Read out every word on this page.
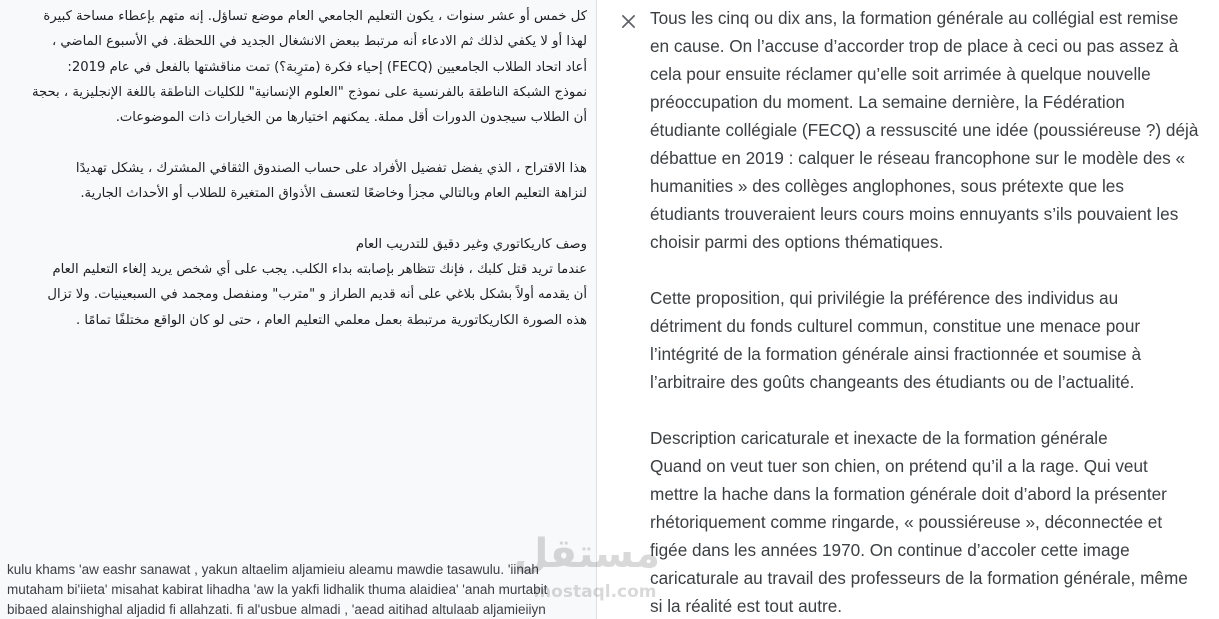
كل خمس أو عشر سنوات ، يكون التعليم الجامعي العام موضع تساؤل. إنه متهم بإعطاء مساحة كبيرة

لهذا أو لا يكفي لذلك ثم الادعاء أنه مرتبط ببعض الانشغال الجديد في اللحظة. في الأسبوع الماضي ،

أعاد اتحاد الطلاب الجامعيين (FECQ) إحياء فكرة (مترِبة؟) تمت مناقشتها بالفعل في عام 2019:

نموذج الشبكة الناطقة بالفرنسية على نموذج "العلوم الإنسانية" للكليات الناطقة باللغة الإنجليزية ، بحجة

أن الطلاب سيجدون الدورات أقل مملة. يمكنهم اختيارها من الخيارات ذات الموضوعات.

هذا الاقتراح ، الذي يفضل تفضيل الأفراد على حساب الصندوق الثقافي المشترك ، يشكل تهديدًا

لنزاهة التعليم العام وبالتالي مجزأ وخاضعًا لتعسف الأذواق المتغيرة للطلاب أو الأحداث الجارية.

وصف كاريكاتوري وغير دقيق للتدريب العام

عندما تريد قتل كلبك ، فإنك تتظاهر بإصابته بداء الكلب. يجب على أي شخص يريد إلغاء التعليم العام

أن يقدمه أولاً بشكل بلاغي على أنه قديم الطراز و "مترب" ومنفصل ومجمد في السبعينيات. ولا تزال

هذه الصورة الكاريكاتورية مرتبطة بعمل معلمي التعليم العام ، حتى لو كان الواقع مختلفًا تمامًا .

kulu khams 'aw eashr sanawat , yakun altaelim aljamieiu aleamu mawdie tasawulu. 'iinah

mutaham bi'iieta' misahat kabirat lihadha 'aw la yakfi lidhalik thuma alaidiea' 'anah murtabit

bibaed alainshighal aljadid fi allahzati. fi al'usbue almadi , 'aead aitihad altulaab aljamieiiyn

Tous les cinq ou dix ans, la formation générale au collégial est remise

en cause. On l’accuse d’accorder trop de place à ceci ou pas assez à

cela pour ensuite réclamer qu’elle soit arrimée à quelque nouvelle

préoccupation du moment. La semaine dernière, la Fédération

étudiante collégiale (FECQ) a ressuscité une idée (poussiéreuse ?) déjà

débattue en 2019 : calquer le réseau francophone sur le modèle des «

humanities » des collèges anglophones, sous prétexte que les

étudiants trouveraient leurs cours moins ennuyants s’ils pouvaient les

choisir parmi des options thématiques.

Cette proposition, qui privilégie la préférence des individus au

détriment du fonds culturel commun, constitue une menace pour

l’intégrité de la formation générale ainsi fractionnée et soumise à

l’arbitraire des goûts changeants des étudiants ou de l’actualité.

Description caricaturale et inexacte de la formation générale

Quand on veut tuer son chien, on prétend qu’il a la rage. Qui veut

mettre la hache dans la formation générale doit d’abord la présenter

rhétoriquement comme ringarde, « poussiéreuse », déconnectée et

figée dans les années 1970. On continue d’accoler cette image

caricaturale au travail des professeurs de la formation générale, même

si la réalité est tout autre.
